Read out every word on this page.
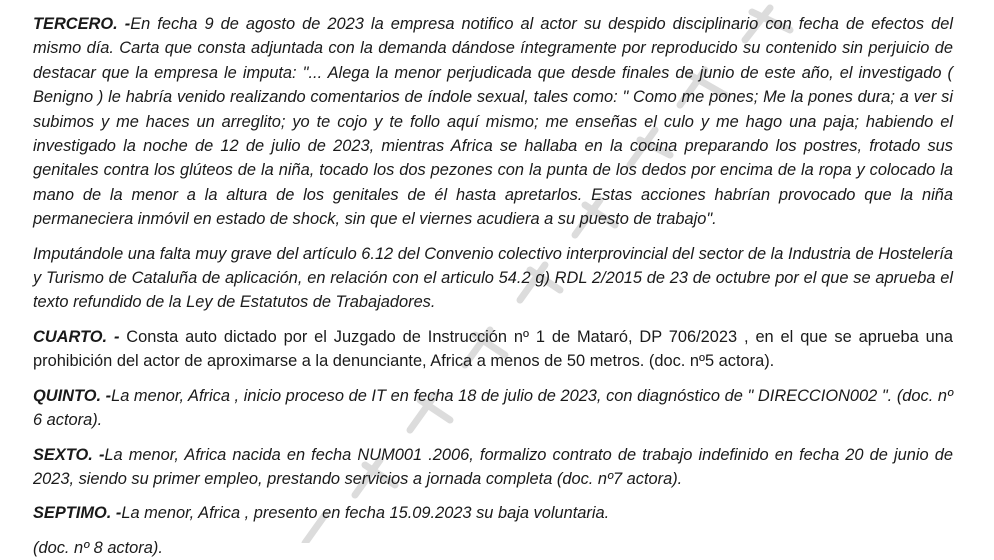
TERCERO. -En fecha 9 de agosto de 2023 la empresa notifico al actor su despido disciplinario con fecha de efectos del mismo día. Carta que consta adjuntada con la demanda dándose íntegramente por reproducido su contenido sin perjuicio de destacar que la empresa le imputa: "... Alega la menor perjudicada que desde finales de junio de este año, el investigado ( Benigno ) le habría venido realizando comentarios de índole sexual, tales como: " Como me pones; Me la pones dura; a ver si subimos y me haces un arreglito; yo te cojo y te follo aquí mismo; me enseñas el culo y me hago una paja; habiendo el investigado la noche de 12 de julio de 2023, mientras Africa se hallaba en la cocina preparando los postres, frotado sus genitales contra los glúteos de la niña, tocado los dos pezones con la punta de los dedos por encima de la ropa y colocado la mano de la menor a la altura de los genitales de él hasta apretarlos. Estas acciones habrían provocado que la niña permaneciera inmóvil en estado de shock, sin que el viernes acudiera a su puesto de trabajo".

Imputándole una falta muy grave del artículo 6.12 del Convenio colectivo interprovincial del sector de la Industria de Hostelería y Turismo de Cataluña de aplicación, en relación con el articulo 54.2 g) RDL 2/2015 de 23 de octubre por el que se aprueba el texto refundido de la Ley de Estatutos de Trabajadores.

CUARTO. - Consta auto dictado por el Juzgado de Instrucción nº 1 de Mataró, DP 706/2023 , en el que se aprueba una prohibición del actor de aproximarse a la denunciante, Africa a menos de 50 metros. (doc. nº5 actora).

QUINTO. -La menor, Africa , inicio proceso de IT en fecha 18 de julio de 2023, con diagnóstico de " DIRECCION002 ". (doc. nº 6 actora).

SEXTO. -La menor, Africa nacida en fecha NUM001 .2006, formalizo contrato de trabajo indefinido en fecha 20 de junio de 2023, siendo su primer empleo, prestando servicios a jornada completa (doc. nº7 actora).

SEPTIMO. -La menor, Africa , presento en fecha 15.09.2023 su baja voluntaria.

(doc. nº 8 actora).
